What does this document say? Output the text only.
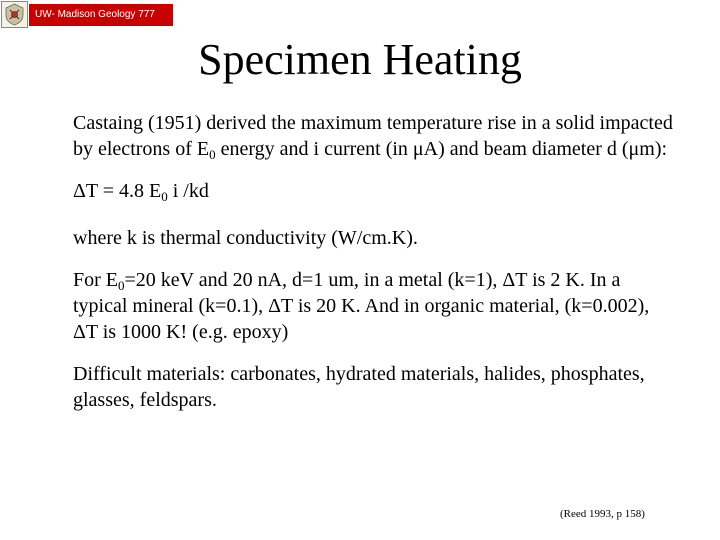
UW- Madison Geology 777
Specimen Heating

Castaing (1951) derived the maximum temperature rise in a solid impacted by electrons of $E_0$ energy and i current (in μA) and beam diameter d (μm):

ΔT = 4.8 $E_0$ i /kd

where k is thermal conductivity (W/cm.K).

For $E_0=20$ keV and 20 nA, d=1 um, in a metal (k=1), ΔT is 2 K. In a typical mineral (k=0.1), ΔT is 20 K. And in organic material, (k=0.002), ΔT is 1000 K! (e.g. epoxy)

Difficult materials: carbonates, hydrated materials, halides, phosphates, glasses, feldspars.

(Reed 1993, p 158)
